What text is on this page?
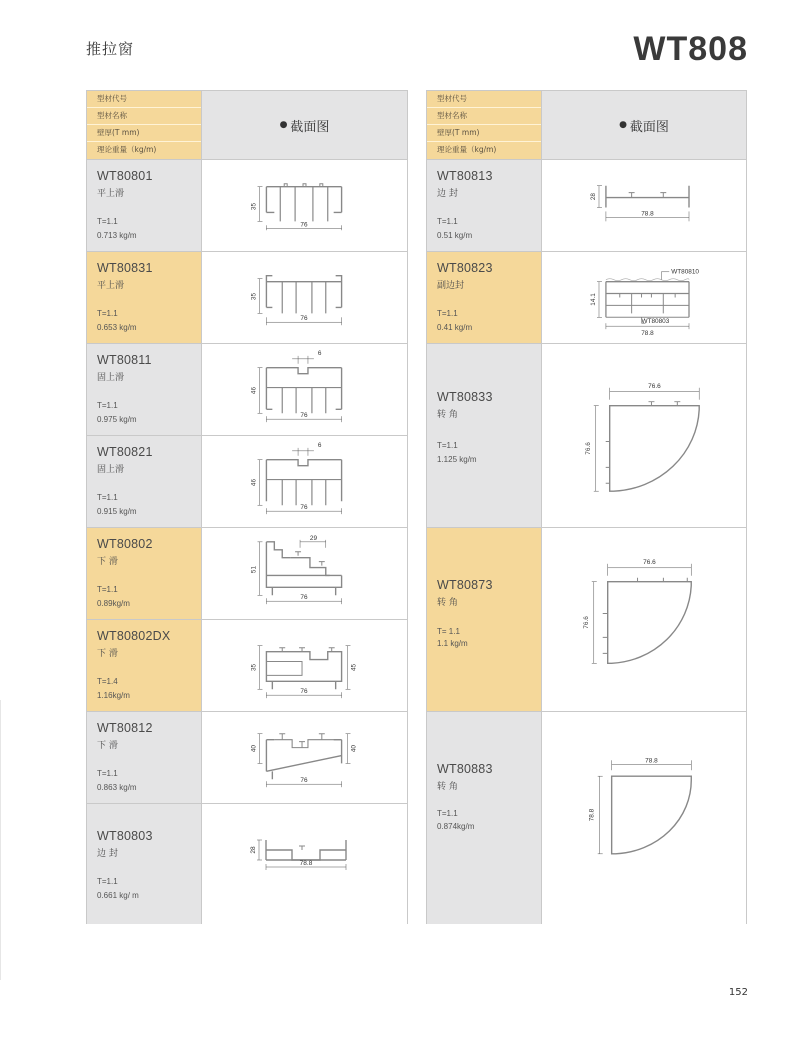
推拉窗	WT808
型材代号
型材名称
壁厚(T mm)
理论重量（kg/m)
● 截面图
WT80801
平上滑
T=1.1
0.713 kg/m
35
76
WT80831
平上滑
T=1.1
0.653 kg/m
35
76
WT80811
固上滑
T=1.1
0.975 kg/m
6
46
76
WT80821
固上滑
T=1.1
0.915 kg/m
6
46
76
WT80802
下 滑
T=1.1
0.89kg/m
29
51
76
WT80802DX
下 滑
T=1.4
1.16kg/m
35	45
76
WT80812
下 滑
T=1.1
0.863 kg/m
40	40
76
WT80803
边 封
T=1.1
0.661 kg/ m
28
78.8
型材代号
型材名称
壁厚(T mm)
理论重量（kg/m)
● 截面图
WT80813
边 封
T=1.1
0.51 kg/m
28
78.8
WT80823
副边封
T=1.1
0.41 kg/m
14.1
78.8
WT80810
WT80803
WT80833
转 角
T=1.1
1.125 kg/m
76.6
76.6
WT80873
转 角
T= 1.1
1.1 kg/m
76.6
76.6
WT80883
转 角
T=1.1
0.874kg/m
78.8
78.8
152
